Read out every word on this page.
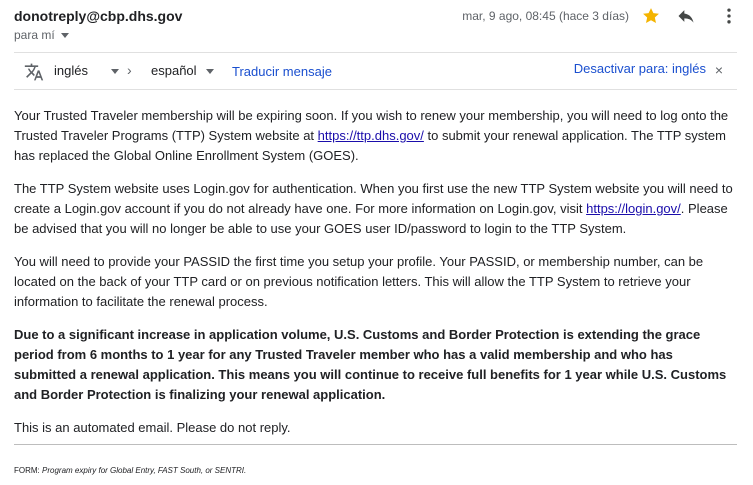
donotreply@cbp.dhs.gov
para mí
mar, 9 ago, 08:45 (hace 3 días)
inglés	› español	Traducir mensaje	Desactivar para: inglés ×

Your Trusted Traveler membership will be expiring soon. If you wish to renew your membership, you will need to log onto the Trusted Traveler Programs (TTP) System website at https://ttp.dhs.gov/ to submit your renewal application. The TTP system has replaced the Global Online Enrollment System (GOES).

The TTP System website uses Login.gov for authentication. When you first use the new TTP System website you will need to create a Login.gov account if you do not already have one. For more information on Login.gov, visit https://login.gov/. Please be advised that you will no longer be able to use your GOES user ID/password to login to the TTP System.

You will need to provide your PASSID the first time you setup your profile. Your PASSID, or membership number, can be located on the back of your TTP card or on previous notification letters. This will allow the TTP System to retrieve your information to facilitate the renewal process.

Due to a significant increase in application volume, U.S. Customs and Border Protection is extending the grace period from 6 months to 1 year for any Trusted Traveler member who has a valid membership and who has submitted a renewal application. This means you will continue to receive full benefits for 1 year while U.S. Customs and Border Protection is finalizing your renewal application.

This is an automated email. Please do not reply.

FORM: Program expiry for Global Entry, FAST South, or SENTRI.
